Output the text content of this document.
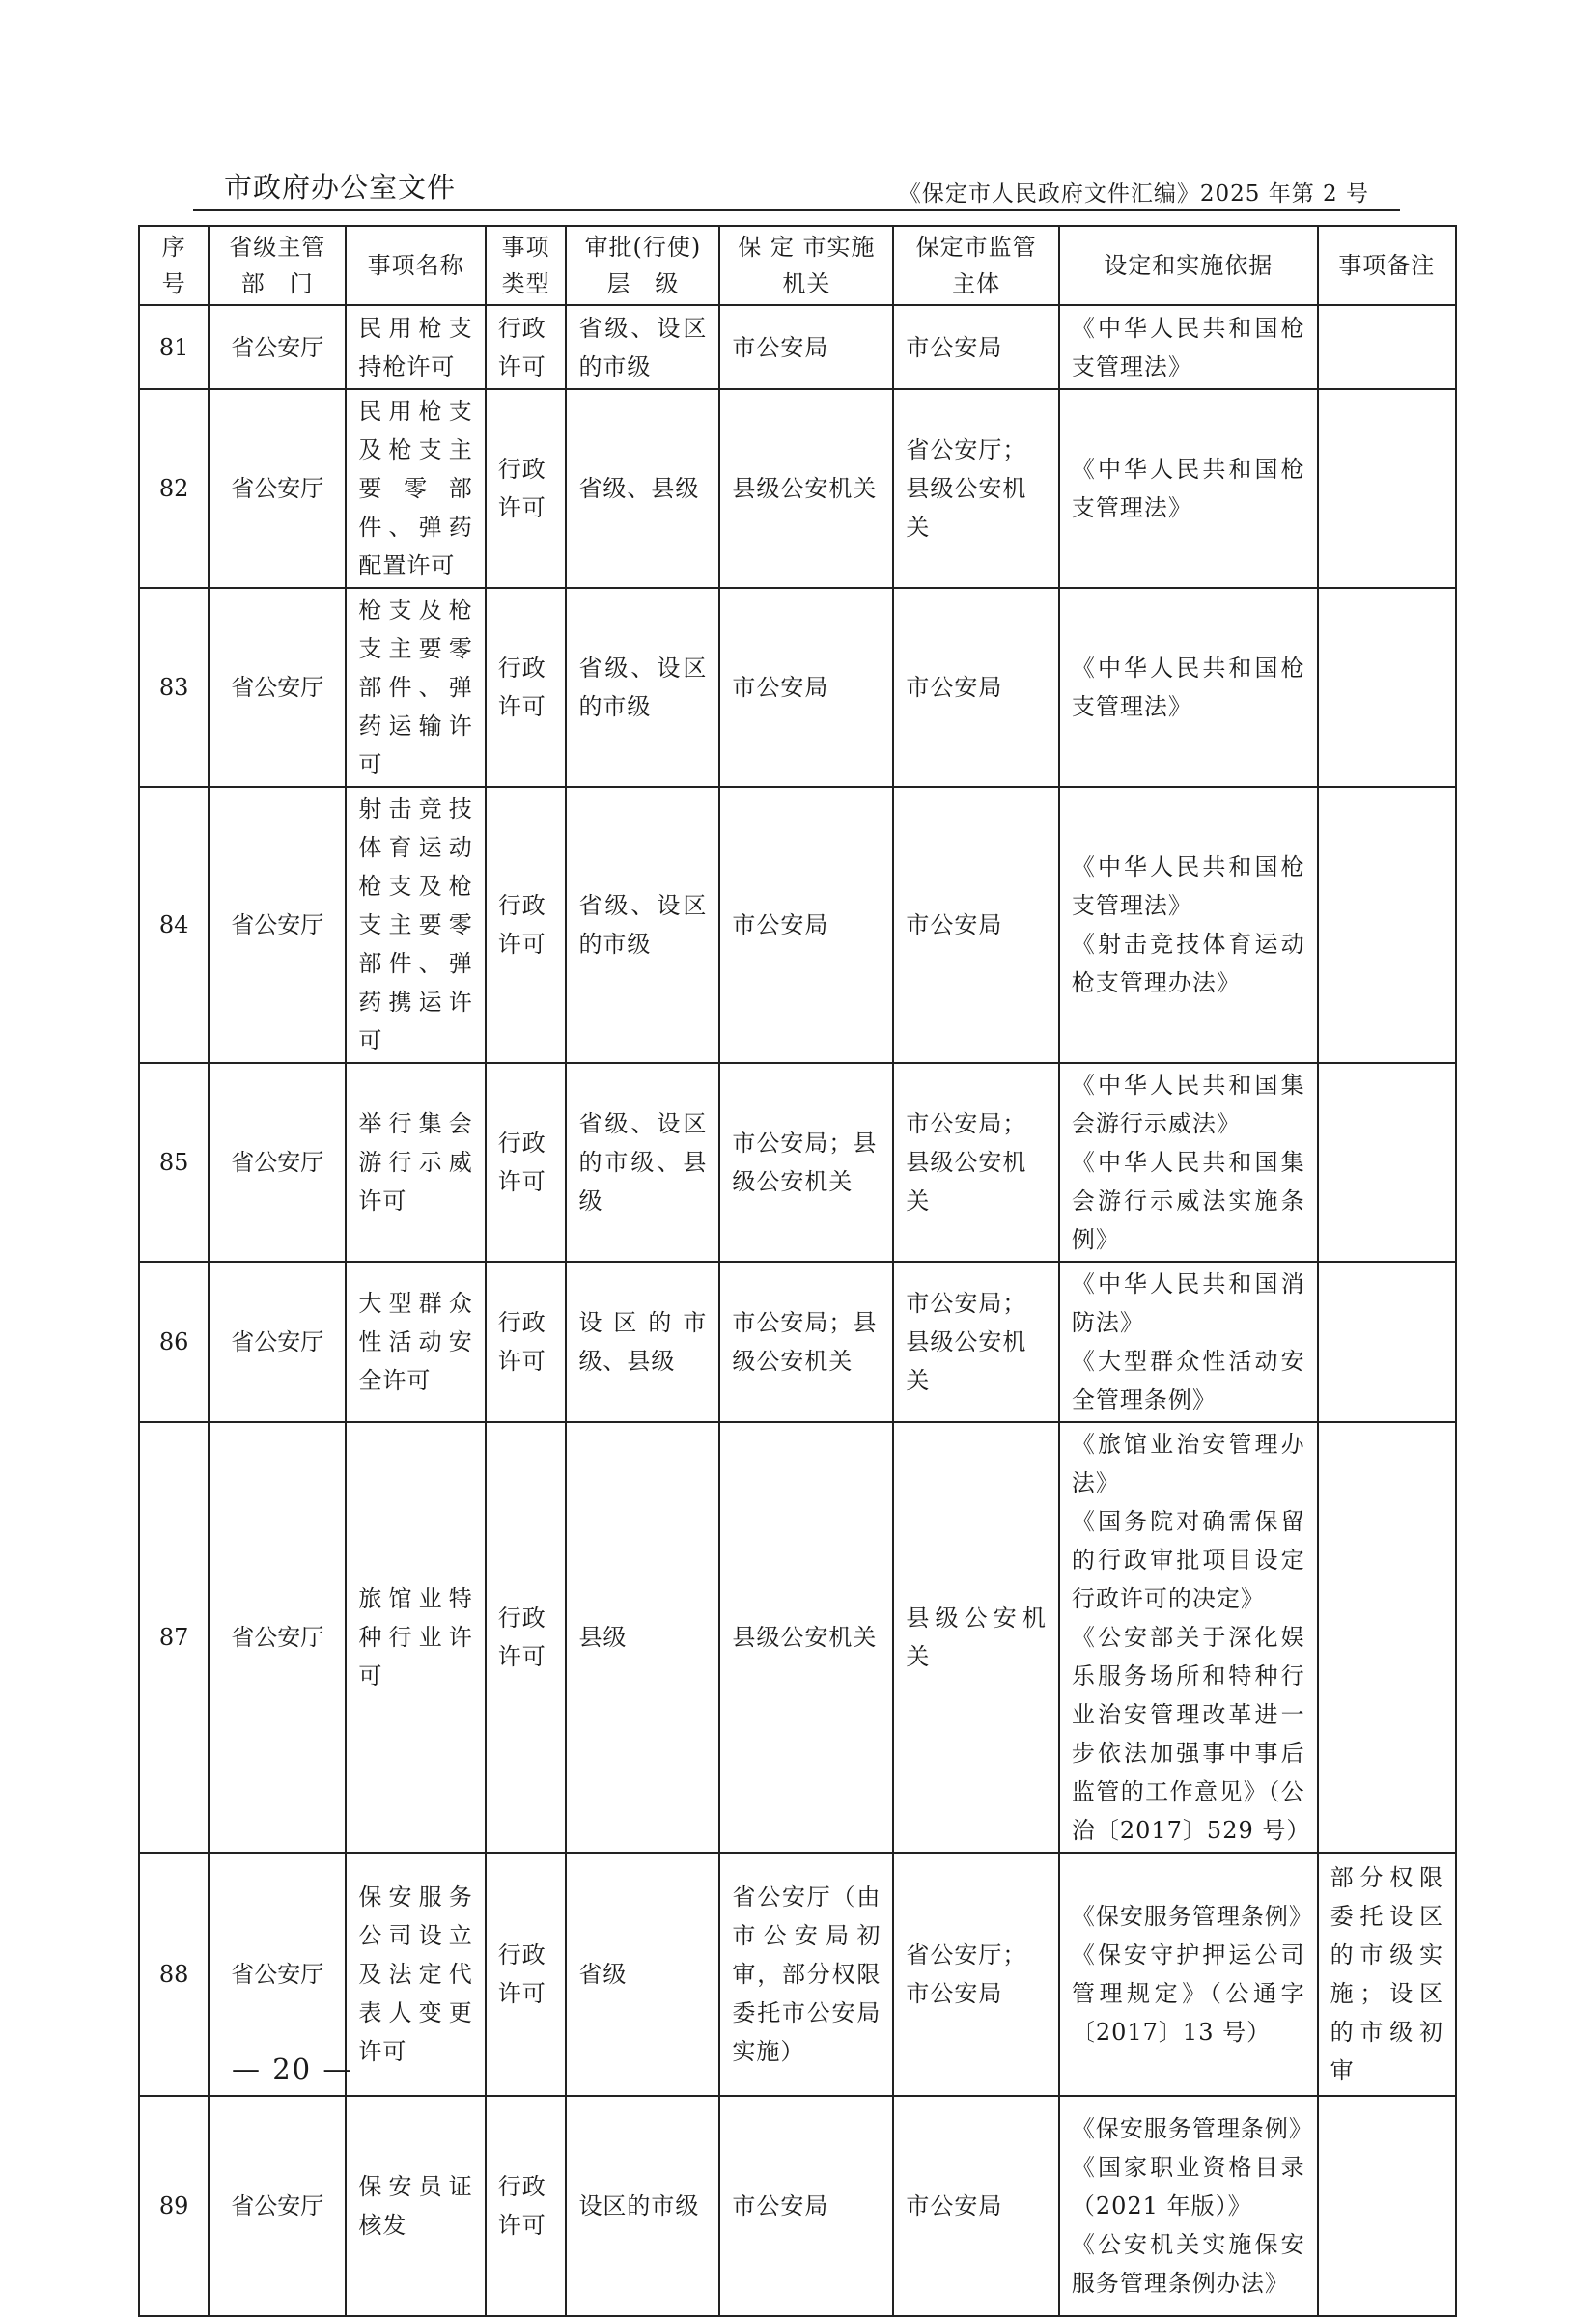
市政府办公室文件	《保定市人民政府文件汇编》2025 年第 2 号
序号	省级主管部　门	事项名称	事项类型	审批(行使)层　级	保 定 市实施机关	保定市监管主体	设定和实施依据	事项备注

81	省公安厅	民用枪支持枪许可	行政许可	省级、设区的市级	市公安局	市公安局	《中华人民共和国枪支管理法》	

82	省公安厅	民用枪支及枪支主要零部件、弹药配置许可	行政许可	省级、县级	县级公安机关	省公安厅；县级公安机关	《中华人民共和国枪支管理法》	

83	省公安厅	枪支及枪支主要零部件、弹药运输许可	行政许可	省级、设区的市级	市公安局	市公安局	《中华人民共和国枪支管理法》	

84	省公安厅	射击竞技体育运动枪支及枪支主要零部件、弹药携运许可	行政许可	省级、设区的市级	市公安局	市公安局	《中华人民共和国枪支管理法》
《射击竞技体育运动枪支管理办法》	

85	省公安厅	举行集会游行示威许可	行政许可	省级、设区的市级、县级	市公安局；县级公安机关	市公安局；县级公安机关	《中华人民共和国集会游行示威法》
《中华人民共和国集会游行示威法实施条例》	

86	省公安厅	大型群众性活动安全许可	行政许可	设区的市级、县级	市公安局；县级公安机关	市公安局；县级公安机关	《中华人民共和国消防法》
《大型群众性活动安全管理条例》	

87	省公安厅	旅馆业特种行业许可	行政许可	县级	县级公安机关	县级公安机关	《旅馆业治安管理办法》
《国务院对确需保留的行政审批项目设定行政许可的决定》
《公安部关于深化娱乐服务场所和特种行业治安管理改革进一步依法加强事中事后监管的工作意见》（公治〔2017〕529 号）	

88	省公安厅	保安服务公司设立及法定代表人变更许可	行政许可	省级	省公安厅（由市公安局初审，部分权限委托市公安局实施）	省公安厅；市公安局	《保安服务管理条例》
《保安守护押运公司管理规定》（公通字〔2017〕13 号）	部分权限委托设区的市级实施；设区的市级初审

89	省公安厅	保安员证核发	行政许可	设区的市级	市公安局	市公安局	《保安服务管理条例》
《国家职业资格目录（2021 年版）》
《公安机关实施保安服务管理条例办法》	

— 20 —
